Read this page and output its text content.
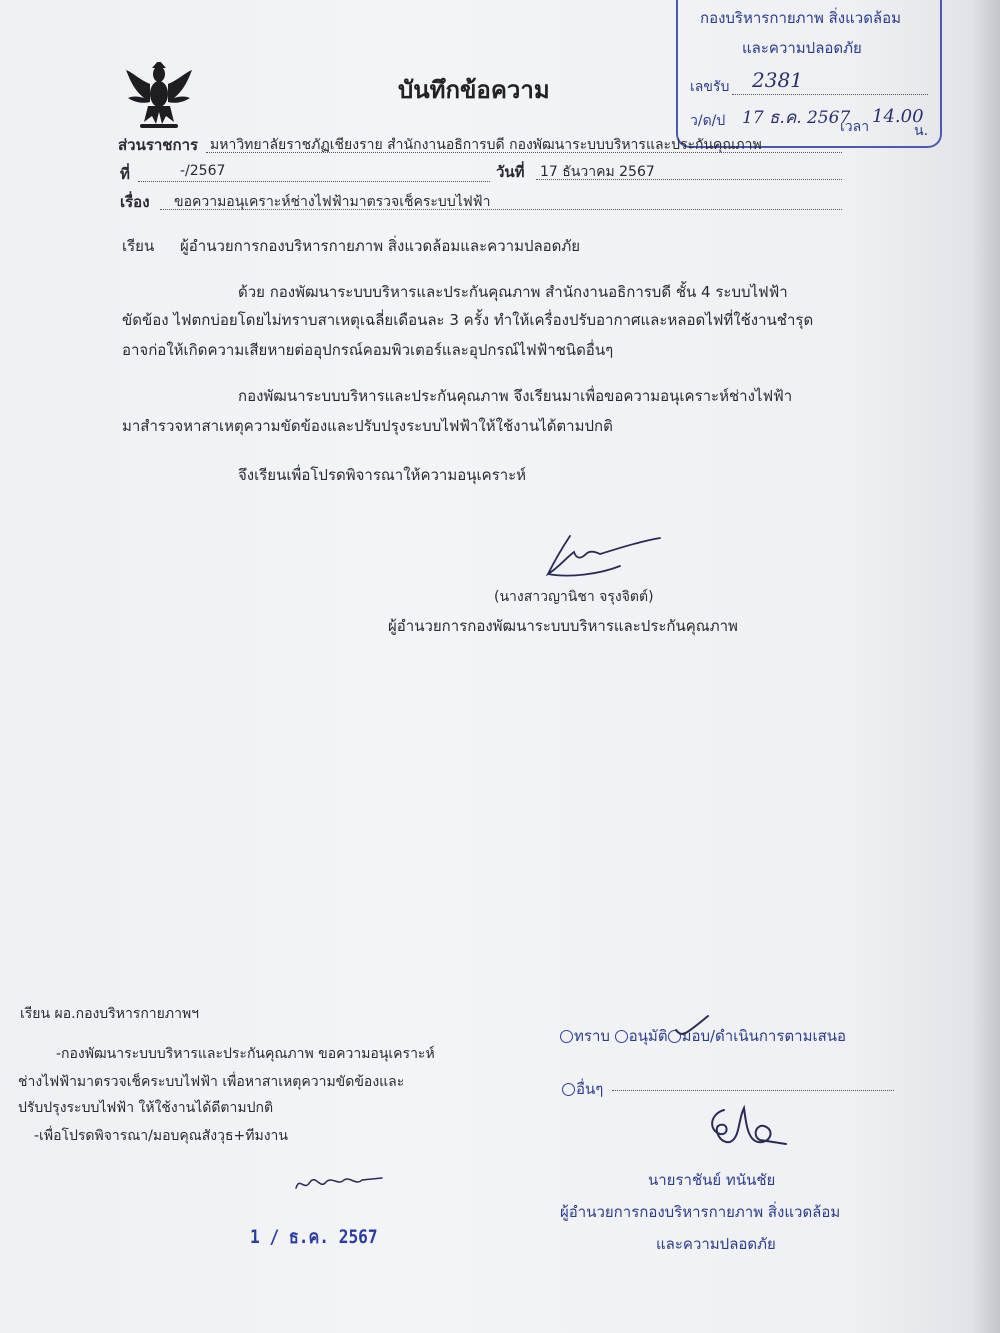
กองบริหารกายภาพ สิ่งแวดล้อม
และความปลอดภัย
เลขรับ 2381
ว/ด/ป 17 ธ.ค. 2567
เวลา 14.00
น.
บันทึกข้อความ
ส่วนราชการ มหาวิทยาลัยราชภัฏเชียงราย สำนักงานอธิการบดี กองพัฒนาระบบบริหารและประกันคุณภาพ
ที่	-/2567	วันที่ 17 ธันวาคม 2567
เรื่อง ขอความอนุเคราะห์ช่างไฟฟ้ามาตรวจเช็คระบบไฟฟ้า
เรียน ผู้อำนวยการกองบริหารกายภาพ สิ่งแวดล้อมและความปลอดภัย
ด้วย กองพัฒนาระบบบริหารและประกันคุณภาพ สำนักงานอธิการบดี ชั้น 4 ระบบไฟฟ้า
ขัดข้อง ไฟตกบ่อยโดยไม่ทราบสาเหตุเฉลี่ยเดือนละ 3 ครั้ง ทำให้เครื่องปรับอากาศและหลอดไฟที่ใช้งานชำรุด
อาจก่อให้เกิดความเสียหายต่ออุปกรณ์คอมพิวเตอร์และอุปกรณ์ไฟฟ้าชนิดอื่นๆ
กองพัฒนาระบบบริหารและประกันคุณภาพ จึงเรียนมาเพื่อขอความอนุเคราะห์ช่างไฟฟ้า
มาสำรวจหาสาเหตุความขัดข้องและปรับปรุงระบบไฟฟ้าให้ใช้งานได้ตามปกติ
จึงเรียนเพื่อโปรดพิจารณาให้ความอนุเคราะห์
(นางสาวญานิชา จรุงจิตต์)
ผู้อำนวยการกองพัฒนาระบบบริหารและประกันคุณภาพ
เรียน ผอ.กองบริหารกายภาพฯ
-กองพัฒนาระบบบริหารและประกันคุณภาพ ขอความอนุเคราะห์
ช่างไฟฟ้ามาตรวจเช็คระบบไฟฟ้า เพื่อหาสาเหตุความขัดข้องและ
ปรับปรุงระบบไฟฟ้า ให้ใช้งานได้ดีตามปกติ
-เพื่อโปรดพิจารณา/มอบคุณสังวุธ+ทีมงาน
1 / ธ.ค. 2567
ทราบ อนุมัติ มอบ/ดำเนินการตามเสนอ
อื่นๆ
นายราชันย์ ทนันชัย
ผู้อำนวยการกองบริหารกายภาพ สิ่งแวดล้อม
และความปลอดภัย
